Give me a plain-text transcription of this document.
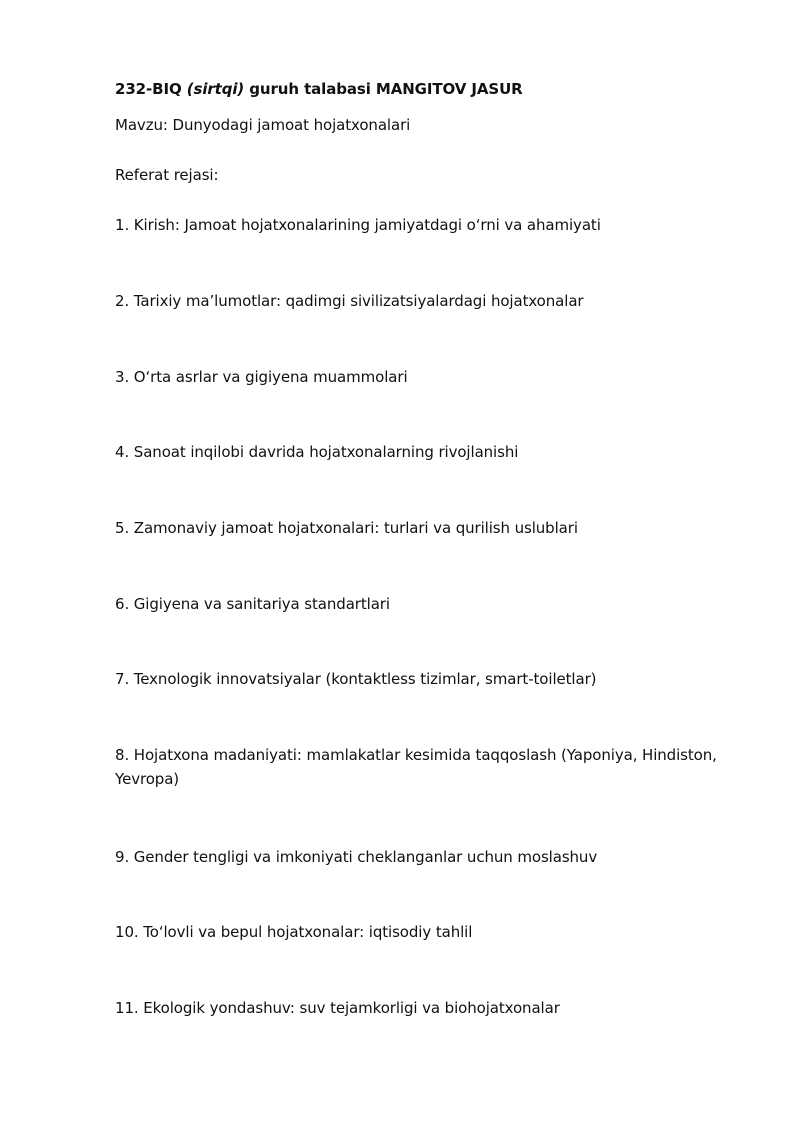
232-BIQ (sirtqi) guruh talabasi MANGITOV JASUR
Mavzu: Dunyodagi jamoat hojatxonalari
Referat rejasi:
1. Kirish: Jamoat hojatxonalarining jamiyatdagi o‘rni va ahamiyati
2. Tarixiy ma’lumotlar: qadimgi sivilizatsiyalardagi hojatxonalar
3. O‘rta asrlar va gigiyena muammolari
4. Sanoat inqilobi davrida hojatxonalarning rivojlanishi
5. Zamonaviy jamoat hojatxonalari: turlari va qurilish uslublari
6. Gigiyena va sanitariya standartlari
7. Texnologik innovatsiyalar (kontaktless tizimlar, smart-toiletlar)
8. Hojatxona madaniyati: mamlakatlar kesimida taqqoslash (Yaponiya, Hindiston, Yevropa)
9. Gender tengligi va imkoniyati cheklanganlar uchun moslashuv
10. To‘lovli va bepul hojatxonalar: iqtisodiy tahlil
11. Ekologik yondashuv: suv tejamkorligi va biohojatxonalar
